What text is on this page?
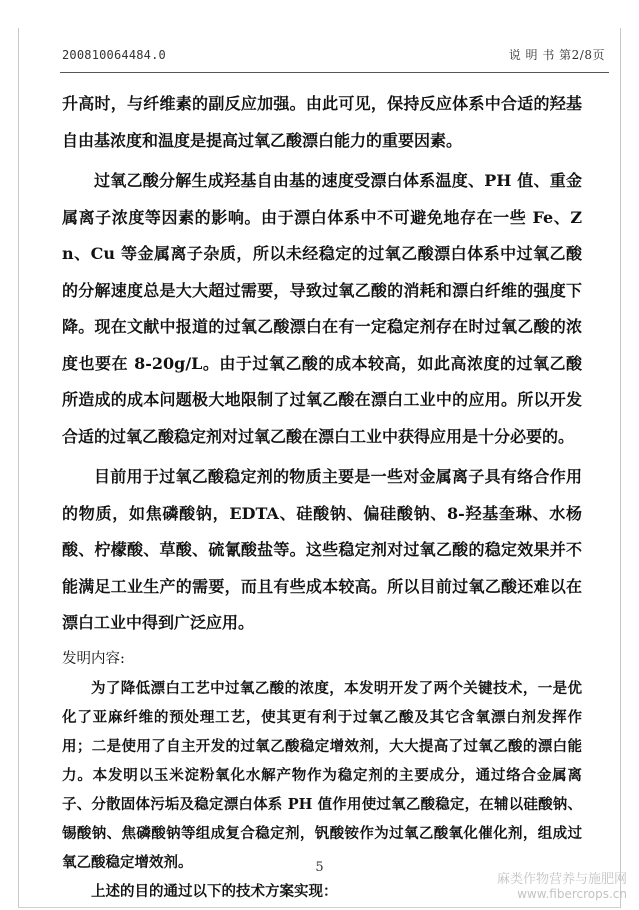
200810064484.0	说 明 书 第2/8页

升高时，与纤维素的副反应加强。由此可见，保持反应体系中合适的羟基自由基浓度和温度是提高过氧乙酸漂白能力的重要因素。

过氧乙酸分解生成羟基自由基的速度受漂白体系温度、PH 值、重金属离子浓度等因素的影响。由于漂白体系中不可避免地存在一些 Fe、Zn、Cu 等金属离子杂质，所以未经稳定的过氧乙酸漂白体系中过氧乙酸的分解速度总是大大超过需要，导致过氧乙酸的消耗和漂白纤维的强度下降。现在文献中报道的过氧乙酸漂白在有一定稳定剂存在时过氧乙酸的浓度也要在 8-20g/L。由于过氧乙酸的成本较高，如此高浓度的过氧乙酸所造成的成本问题极大地限制了过氧乙酸在漂白工业中的应用。所以开发合适的过氧乙酸稳定剂对过氧乙酸在漂白工业中获得应用是十分必要的。

目前用于过氧乙酸稳定剂的物质主要是一些对金属离子具有络合作用的物质，如焦磷酸钠，EDTA、硅酸钠、偏硅酸钠、8-羟基奎琳、水杨酸、柠檬酸、草酸、硫氰酸盐等。这些稳定剂对过氧乙酸的稳定效果并不能满足工业生产的需要，而且有些成本较高。所以目前过氧乙酸还难以在漂白工业中得到广泛应用。

发明内容:

为了降低漂白工艺中过氧乙酸的浓度，本发明开发了两个关键技术，一是优化了亚麻纤维的预处理工艺，使其更有利于过氧乙酸及其它含氧漂白剂发挥作用；二是使用了自主开发的过氧乙酸稳定增效剂，大大提高了过氧乙酸的漂白能力。本发明以玉米淀粉氧化水解产物作为稳定剂的主要成分，通过络合金属离子、分散固体污垢及稳定漂白体系 PH 值作用使过氧乙酸稳定，在辅以硅酸钠、锡酸钠、焦磷酸钠等组成复合稳定剂，钒酸铵作为过氧乙酸氧化催化剂，组成过氧乙酸稳定增效剂。

上述的目的通过以下的技术方案实现：

5
麻类作物营养与施肥网
www.fibercrops.cn
